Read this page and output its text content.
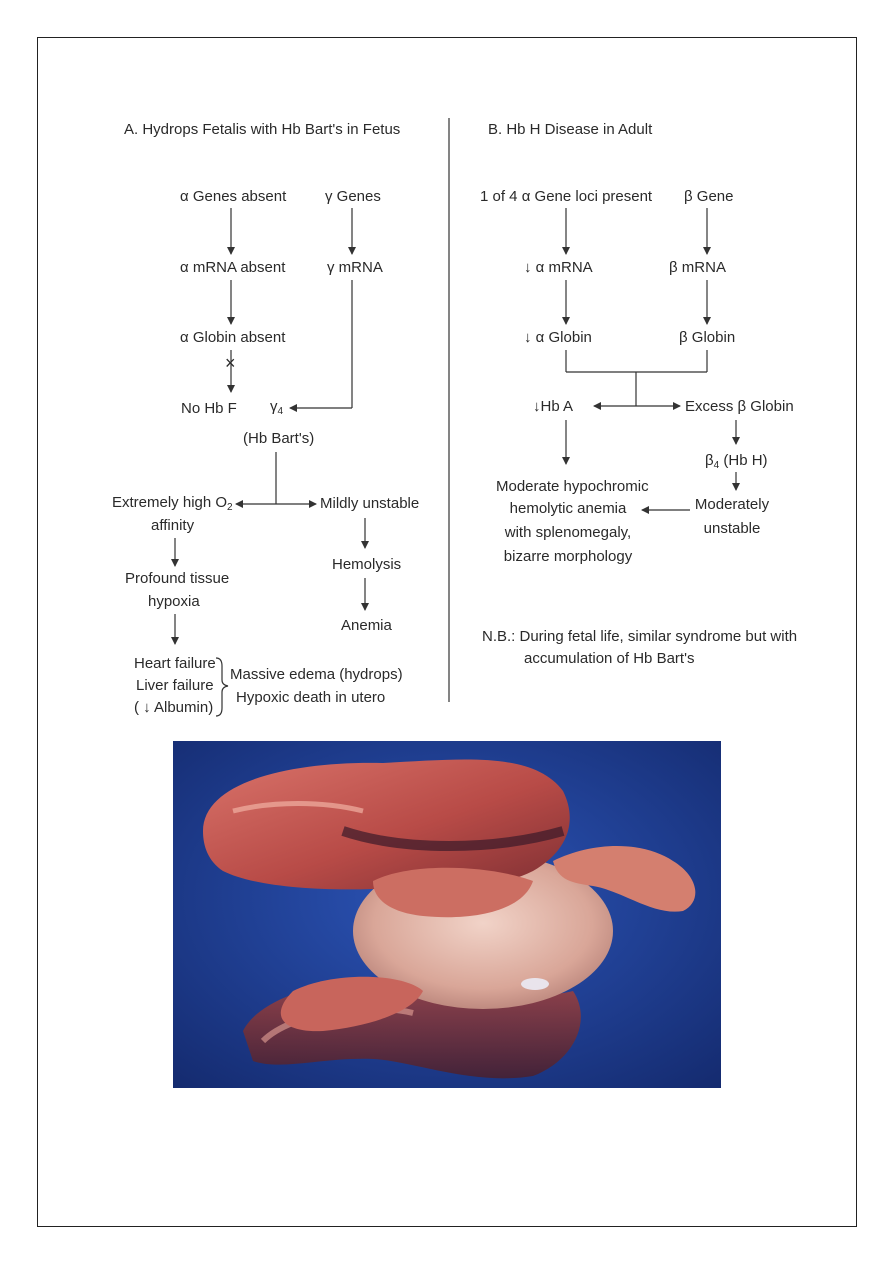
A. Hydrops Fetalis with Hb Bart's in Fetus
α Genes absent	γ Genes
α mRNA absent	γ mRNA
α Globin absent
×
No Hb F $\gamma_4$
(Hb Bart's)
Extremely high $O_2$
affinity
Mildly unstable
Profound tissue
hypoxia
Hemolysis
Anemia
Heart failure
Liver failure
( ↓ Albumin)
Massive edema (hydrops)
Hypoxic death in utero
B. Hb H Disease in Adult
1 of 4 α Gene loci present β Gene
↓ α mRNA	β mRNA
↓ α Globin	β Globin
↓Hb A	Excess β Globin
$\beta_4$ (Hb H)
Moderate hypochromic
hemolytic anemia
with splenomegaly,
bizarre morphology
Moderately
unstable
N.B.: During fetal life, similar syndrome but with
accumulation of Hb Bart's
